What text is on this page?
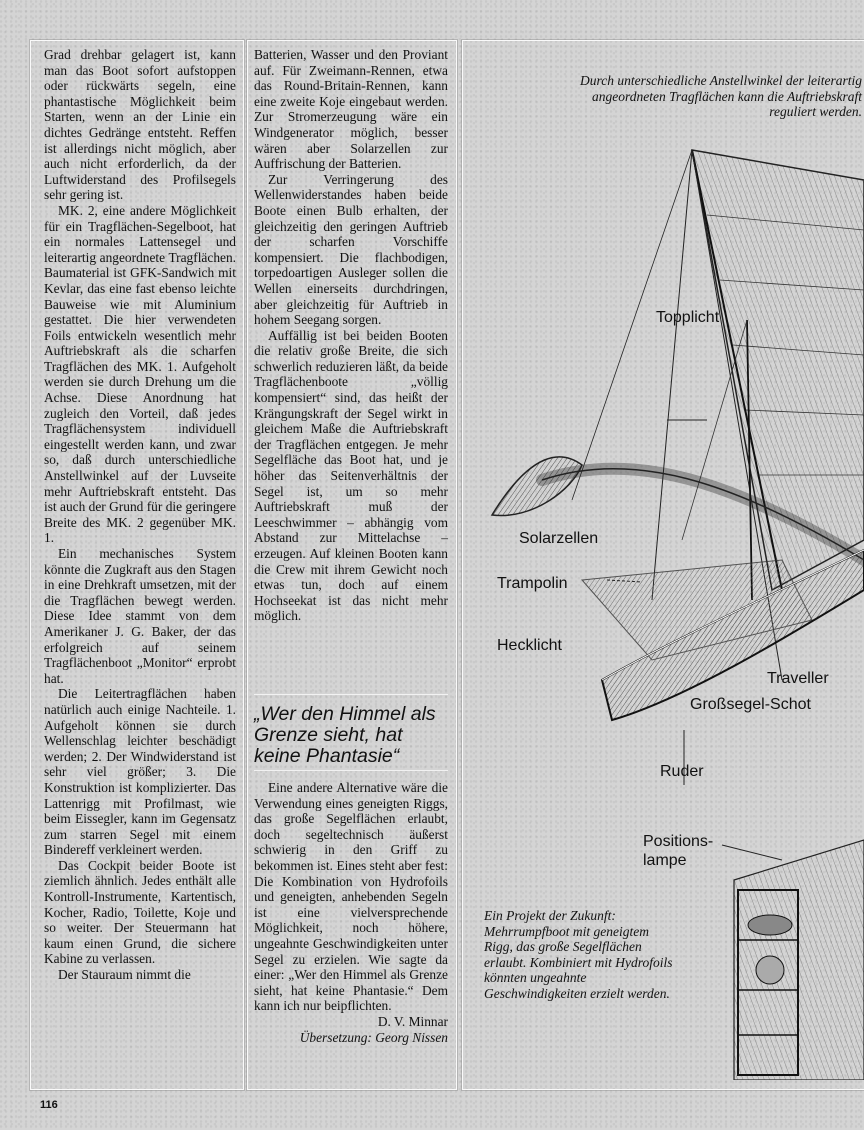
Grad drehbar gelagert ist, kann man das Boot sofort aufstoppen oder rückwärts segeln, eine phantastische Möglichkeit beim Starten, wenn an der Linie ein dichtes Gedränge entsteht. Reffen ist allerdings nicht möglich, aber auch nicht erforderlich, da der Luftwiderstand des Profilsegels sehr gering ist.

MK. 2, eine andere Möglichkeit für ein Tragflächen-Segelboot, hat ein normales Lattensegel und leiterartig angeordnete Tragflächen. Baumaterial ist GFK-Sandwich mit Kevlar, das eine fast ebenso leichte Bauweise wie mit Aluminium gestattet. Die hier verwendeten Foils entwickeln wesentlich mehr Auftriebskraft als die scharfen Tragflächen des MK. 1. Aufgeholt werden sie durch Drehung um die Achse. Diese Anordnung hat zugleich den Vorteil, daß jedes Tragflächensystem individuell eingestellt werden kann, und zwar so, daß durch unterschiedliche Anstellwinkel auf der Luvseite mehr Auftriebskraft entsteht. Das ist auch der Grund für die geringere Breite des MK. 2 gegenüber MK. 1.

Ein mechanisches System könnte die Zugkraft aus den Stagen in eine Drehkraft umsetzen, mit der die Tragflächen bewegt werden. Diese Idee stammt von dem Amerikaner J. G. Baker, der das erfolgreich auf seinem Tragflächenboot „Monitor“ erprobt hat.

Die Leitertragflächen haben natürlich auch einige Nachteile. 1. Aufgeholt können sie durch Wellenschlag leichter beschädigt werden; 2. Der Windwiderstand ist sehr viel größer; 3. Die Konstruktion ist komplizierter. Das Lattenrigg mit Profilmast, wie beim Eissegler, kann im Gegensatz zum starren Segel mit einem Bindereff verkleinert werden.

Das Cockpit beider Boote ist ziemlich ähnlich. Jedes enthält alle Kontroll-Instrumente, Kartentisch, Kocher, Radio, Toilette, Koje und so weiter. Der Steuermann hat kaum einen Grund, die sichere Kabine zu verlassen.

Der Stauraum nimmt die

Batterien, Wasser und den Proviant auf. Für Zweimann-Rennen, etwa das Round-Britain-Rennen, kann eine zweite Koje eingebaut werden. Zur Stromerzeugung wäre ein Windgenerator möglich, besser wären aber Solarzellen zur Auffrischung der Batterien.

Zur Verringerung des Wellenwiderstandes haben beide Boote einen Bulb erhalten, der gleichzeitig den geringen Auftrieb der scharfen Vorschiffe kompensiert. Die flachbodigen, torpedoartigen Ausleger sollen die Wellen einerseits durchdringen, aber gleichzeitig für Auftrieb in hohem Seegang sorgen.

Auffällig ist bei beiden Booten die relativ große Breite, die sich schwerlich reduzieren läßt, da beide Tragflächenboote „völlig kompensiert“ sind, das heißt der Krängungskraft der Segel wirkt in gleichem Maße die Auftriebskraft der Tragflächen entgegen. Je mehr Segelfläche das Boot hat, und je höher das Seitenverhältnis der Segel ist, um so mehr Auftriebskraft muß der Leeschwimmer – abhängig vom Abstand zur Mittelachse – erzeugen. Auf kleinen Booten kann die Crew mit ihrem Gewicht noch etwas tun, doch auf einem Hochseekat ist das nicht mehr möglich.

„Wer den Himmel als Grenze sieht, hat keine Phantasie“

Eine andere Alternative wäre die Verwendung eines geneigten Riggs, das große Segelflächen erlaubt, doch segeltechnisch äußerst schwierig in den Griff zu bekommen ist. Eines steht aber fest: Die Kombination von Hydrofoils und geneigten, anhebenden Segeln ist eine vielversprechende Möglichkeit, noch höhere, ungeahnte Geschwindigkeiten unter Segel zu erzielen. Wie sagte da einer: „Wer den Himmel als Grenze sieht, hat keine Phantasie.“ Dem kann ich nur beipflichten.

D. V. Minnar

Übersetzung: Georg Nissen

Durch unterschiedliche Anstellwinkel der leiterartig angeordneten Tragflächen kann die Auftriebskraft reguliert werden.
Ein Projekt der Zukunft: Mehrrumpfboot mit geneigtem Rigg, das große Segelflächen erlaubt. Kombiniert mit Hydrofoils könnten ungeahnte Geschwindigkeiten erzielt werden.
Topplicht
Solarzellen
Trampolin
Hecklicht
Traveller
Großsegel-Schot
Ruder
Positions-
lampe
116
